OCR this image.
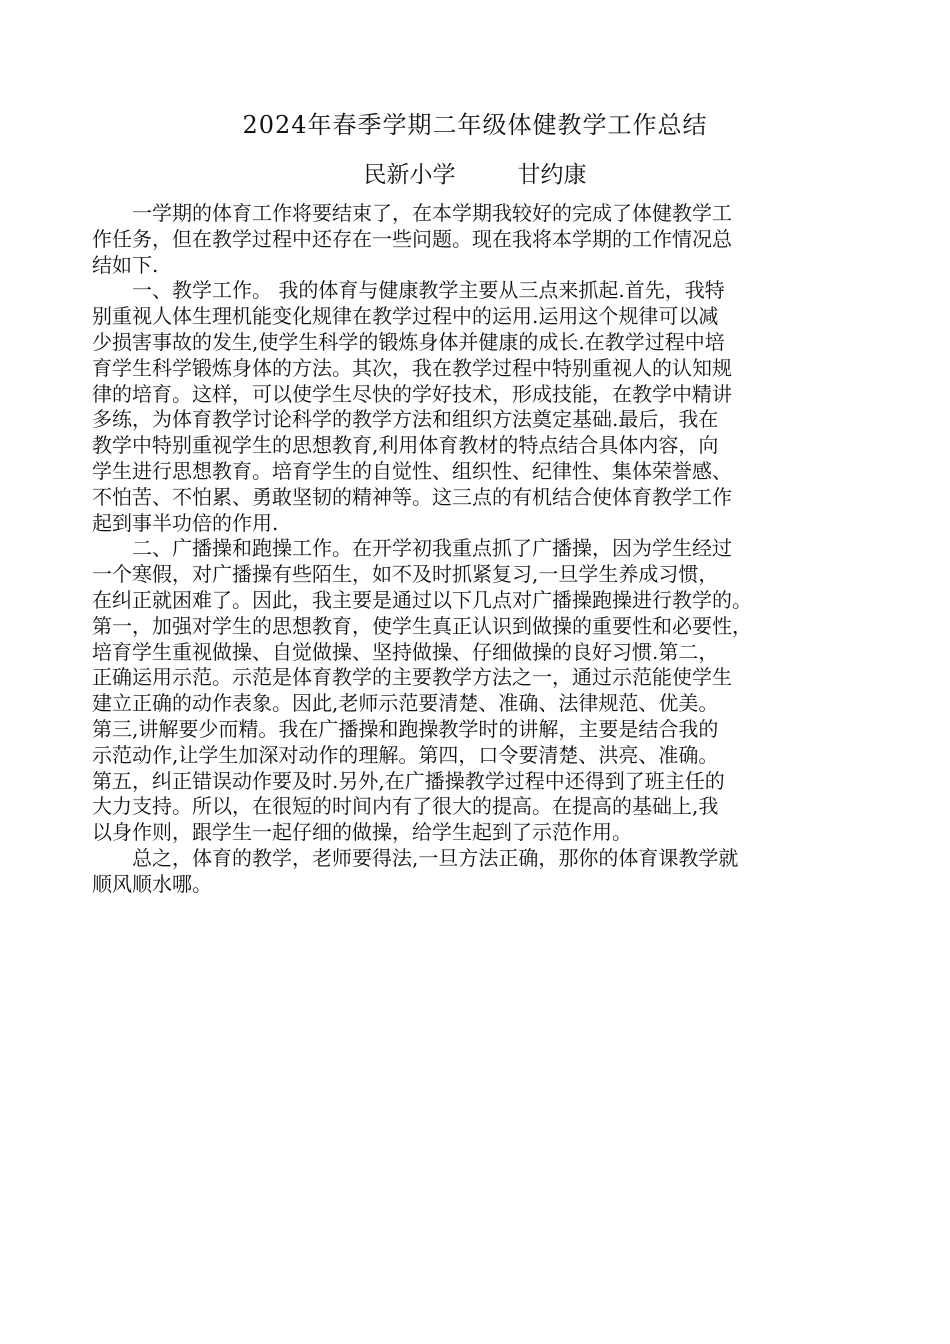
2024年春季学期二年级体健教学工作总结
民新小学	甘约康
　　一学期的体育工作将要结束了，在本学期我较好的完成了体健教学工
作任务，但在教学过程中还存在一些问题。现在我将本学期的工作情况总
结如下.
　　一、教学工作。 我的体育与健康教学主要从三点来抓起.首先，我特
别重视人体生理机能变化规律在教学过程中的运用.运用这个规律可以减
少损害事故的发生,使学生科学的锻炼身体并健康的成长.在教学过程中培
育学生科学锻炼身体的方法。其次，我在教学过程中特别重视人的认知规
律的培育。这样，可以使学生尽快的学好技术，形成技能，在教学中精讲
多练，为体育教学讨论科学的教学方法和组织方法奠定基础.最后，我在
教学中特别重视学生的思想教育,利用体育教材的特点结合具体内容，向
学生进行思想教育。培育学生的自觉性、组织性、纪律性、集体荣誉感、
不怕苦、不怕累、勇敢坚韧的精神等。这三点的有机结合使体育教学工作
起到事半功倍的作用.
　　二、广播操和跑操工作。在开学初我重点抓了广播操，因为学生经过
一个寒假，对广播操有些陌生，如不及时抓紧复习,一旦学生养成习惯，
在纠正就困难了。因此，我主要是通过以下几点对广播操跑操进行教学的。
第一，加强对学生的思想教育，使学生真正认识到做操的重要性和必要性，
培育学生重视做操、自觉做操、坚持做操、仔细做操的良好习惯.第二，
正确运用示范。示范是体育教学的主要教学方法之一，通过示范能使学生
建立正确的动作表象。因此,老师示范要清楚、准确、法律规范、优美。
第三,讲解要少而精。我在广播操和跑操教学时的讲解，主要是结合我的
示范动作,让学生加深对动作的理解。第四，口令要清楚、洪亮、准确。
第五，纠正错误动作要及时.另外,在广播操教学过程中还得到了班主任的
大力支持。所以，在很短的时间内有了很大的提高。在提高的基础上,我
以身作则，跟学生一起仔细的做操，给学生起到了示范作用。
　　总之，体育的教学，老师要得法,一旦方法正确，那你的体育课教学就
顺风顺水哪。
